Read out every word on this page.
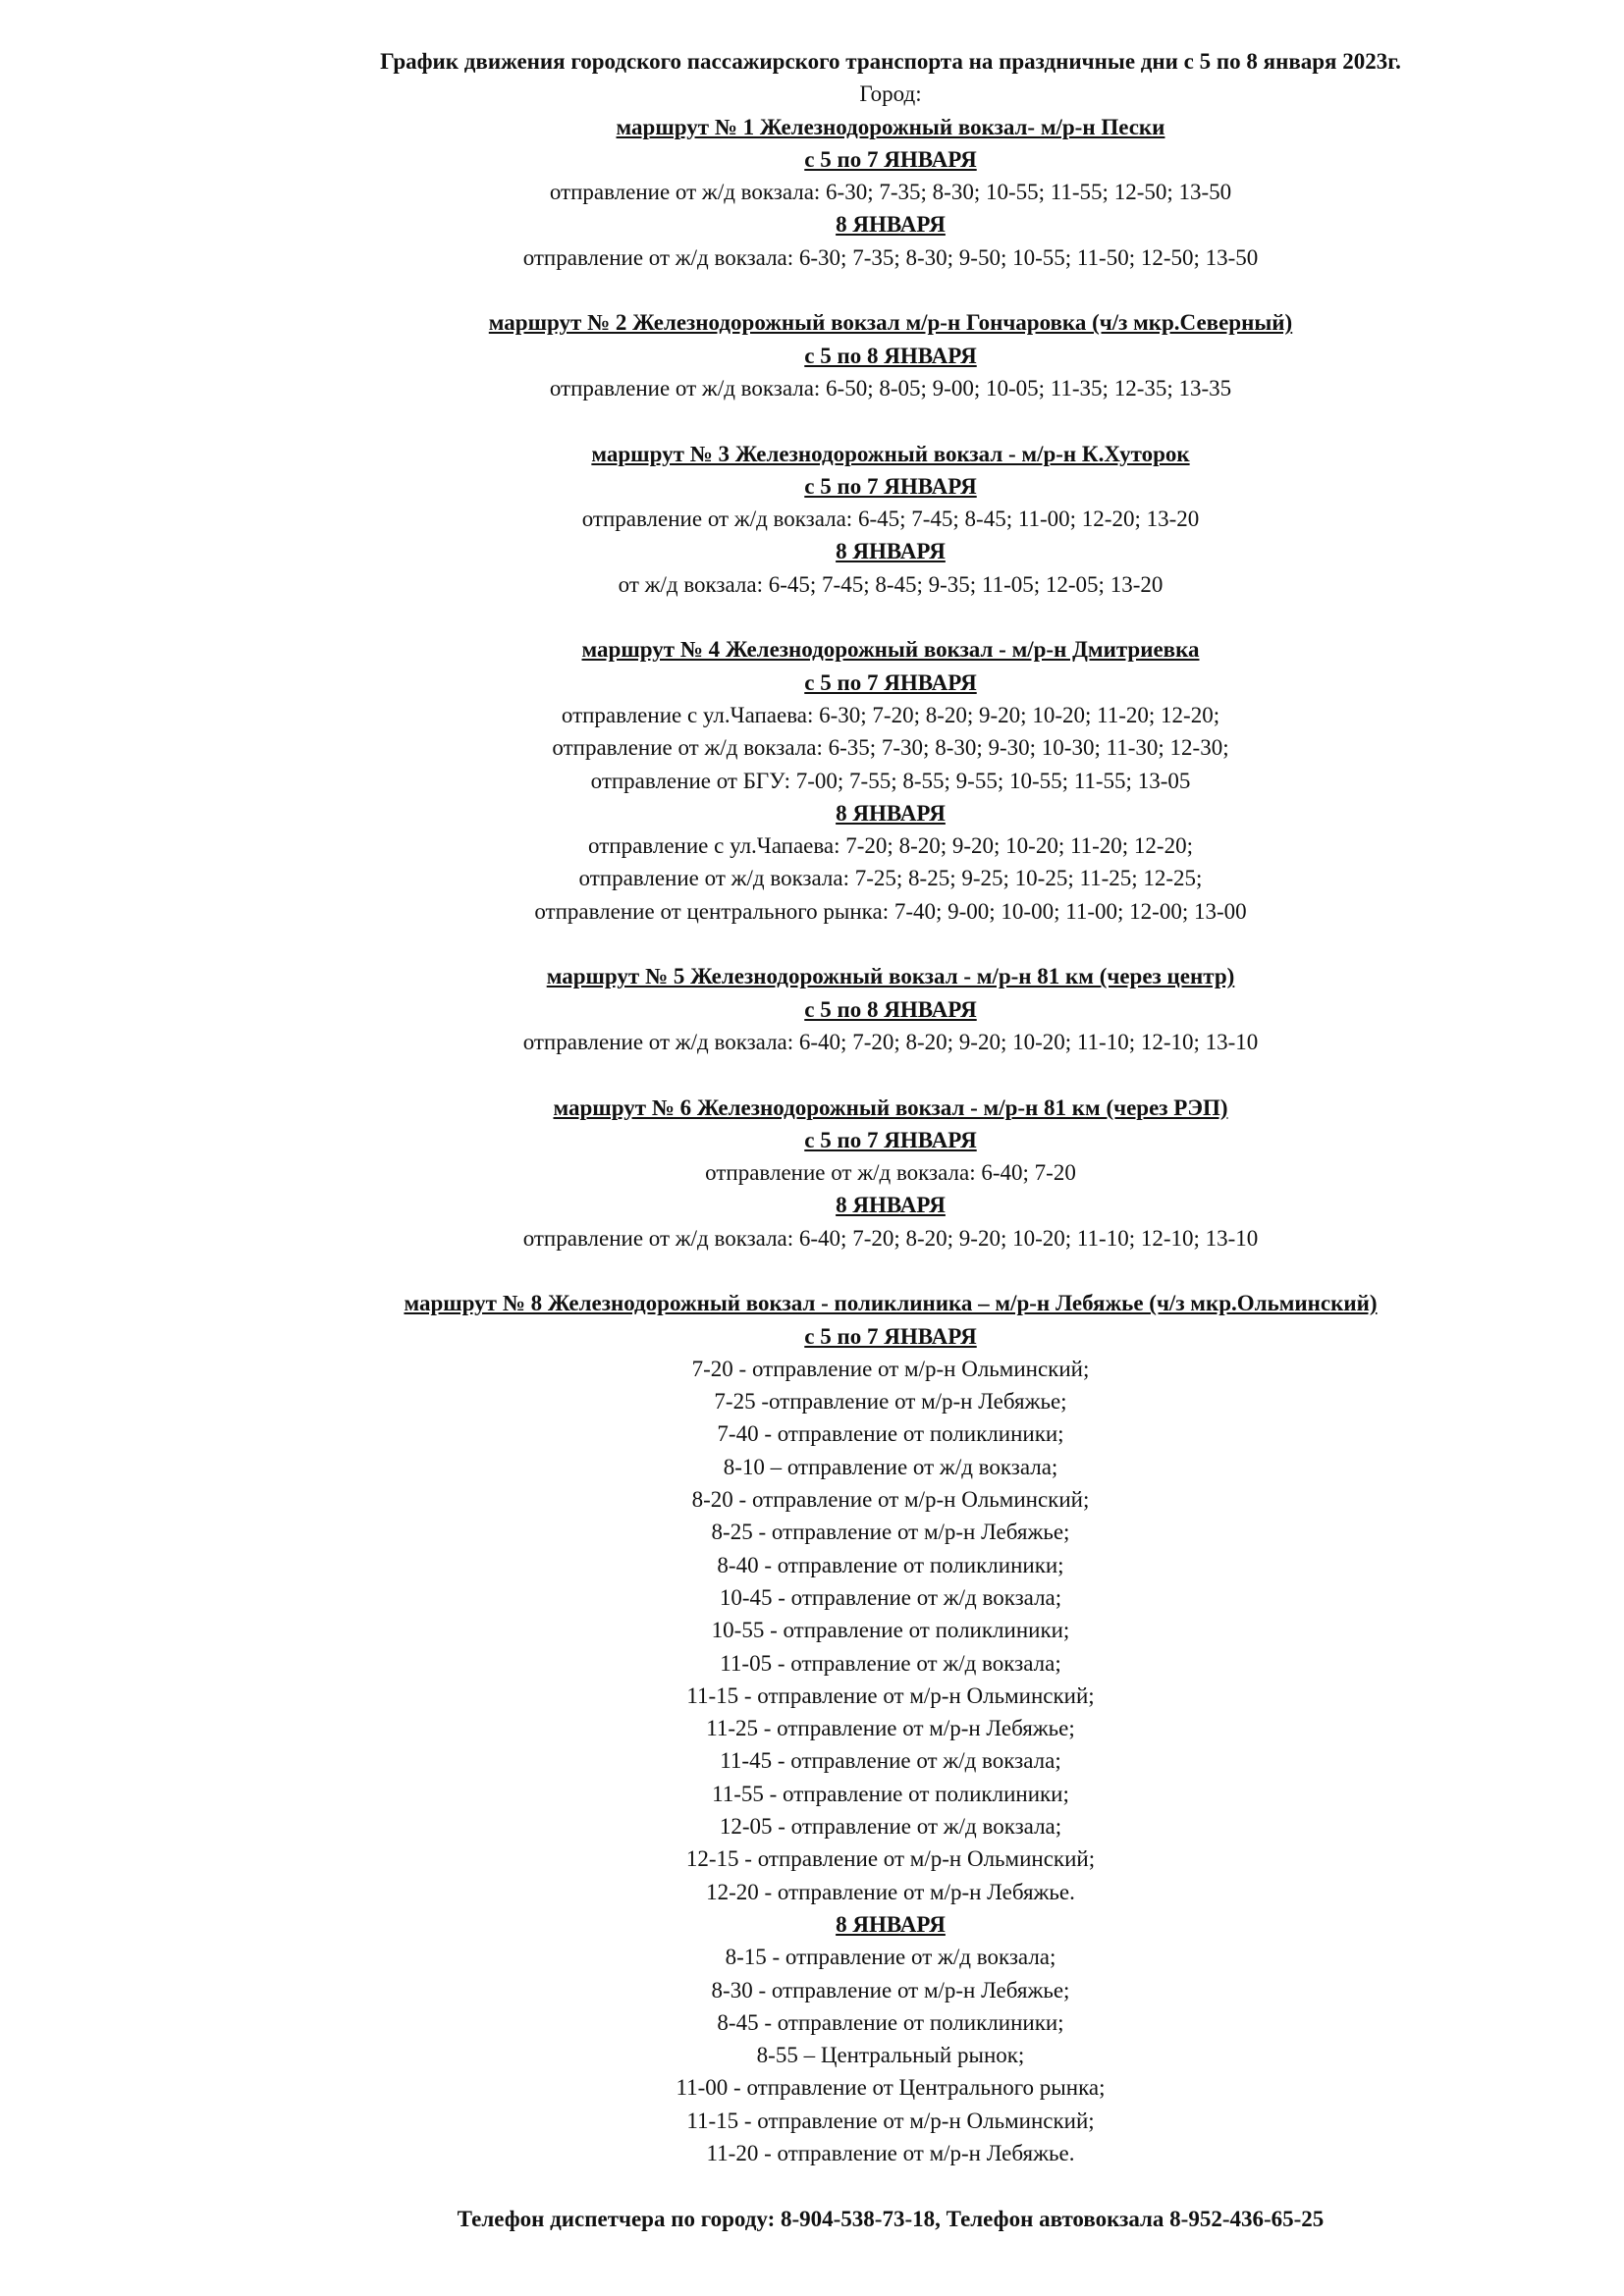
График движения городского пассажирского транспорта на праздничные дни с 5 по 8 января 2023г.
Город:
маршрут № 1 Железнодорожный вокзал- м/р-н Пески
с 5 по 7 ЯНВАРЯ
отправление от ж/д вокзала: 6-30; 7-35; 8-30; 10-55; 11-55; 12-50; 13-50
8 ЯНВАРЯ
отправление от ж/д вокзала: 6-30; 7-35; 8-30; 9-50; 10-55; 11-50; 12-50; 13-50
маршрут № 2 Железнодорожный вокзал м/р-н Гончаровка (ч/з мкр.Северный)
с 5 по 8 ЯНВАРЯ
отправление от ж/д вокзала: 6-50; 8-05; 9-00; 10-05; 11-35; 12-35; 13-35
маршрут № 3 Железнодорожный вокзал - м/р-н К.Хуторок
с 5 по 7 ЯНВАРЯ
отправление от ж/д вокзала: 6-45; 7-45; 8-45; 11-00; 12-20; 13-20
8 ЯНВАРЯ
от ж/д вокзала: 6-45; 7-45; 8-45; 9-35; 11-05; 12-05; 13-20
маршрут № 4 Железнодорожный вокзал - м/р-н Дмитриевка
с 5 по 7 ЯНВАРЯ
отправление с ул.Чапаева: 6-30; 7-20; 8-20; 9-20; 10-20; 11-20; 12-20;
отправление от ж/д вокзала: 6-35; 7-30; 8-30; 9-30; 10-30; 11-30; 12-30;
отправление от БГУ: 7-00; 7-55; 8-55; 9-55; 10-55; 11-55; 13-05
8 ЯНВАРЯ
отправление с ул.Чапаева: 7-20; 8-20; 9-20; 10-20; 11-20; 12-20;
отправление от ж/д вокзала: 7-25; 8-25; 9-25; 10-25; 11-25; 12-25;
отправление от центрального рынка: 7-40; 9-00; 10-00; 11-00; 12-00; 13-00
маршрут № 5 Железнодорожный вокзал - м/р-н 81 км (через центр)
с 5 по 8 ЯНВАРЯ
отправление от ж/д вокзала: 6-40; 7-20; 8-20; 9-20; 10-20; 11-10; 12-10; 13-10
маршрут № 6 Железнодорожный вокзал - м/р-н 81 км (через РЭП)
с 5 по 7 ЯНВАРЯ
отправление от ж/д вокзала: 6-40; 7-20
8 ЯНВАРЯ
отправление от ж/д вокзала: 6-40; 7-20; 8-20; 9-20; 10-20; 11-10; 12-10; 13-10
маршрут № 8 Железнодорожный вокзал - поликлиника – м/р-н Лебяжье (ч/з мкр.Ольминский)
с 5 по 7 ЯНВАРЯ
7-20 - отправление от м/р-н Ольминский;
7-25 -отправление от м/р-н Лебяжье;
7-40 - отправление от поликлиники;
8-10 – отправление от ж/д вокзала;
8-20 - отправление от м/р-н Ольминский;
8-25 - отправление от м/р-н Лебяжье;
8-40 - отправление от поликлиники;
10-45 - отправление от ж/д вокзала;
10-55 - отправление от поликлиники;
11-05 - отправление от ж/д вокзала;
11-15 - отправление от м/р-н Ольминский;
11-25 - отправление от м/р-н Лебяжье;
11-45 - отправление от ж/д вокзала;
11-55 - отправление от поликлиники;
12-05 - отправление от ж/д вокзала;
12-15 - отправление от м/р-н Ольминский;
12-20 - отправление от м/р-н Лебяжье.
8 ЯНВАРЯ
8-15 - отправление от ж/д вокзала;
8-30 - отправление от м/р-н Лебяжье;
8-45 - отправление от поликлиники;
8-55 – Центральный рынок;
11-00 - отправление от Центрального рынка;
11-15 - отправление от м/р-н Ольминский;
11-20 - отправление от м/р-н Лебяжье.
Телефон диспетчера по городу: 8-904-538-73-18, Телефон автовокзала 8-952-436-65-25
